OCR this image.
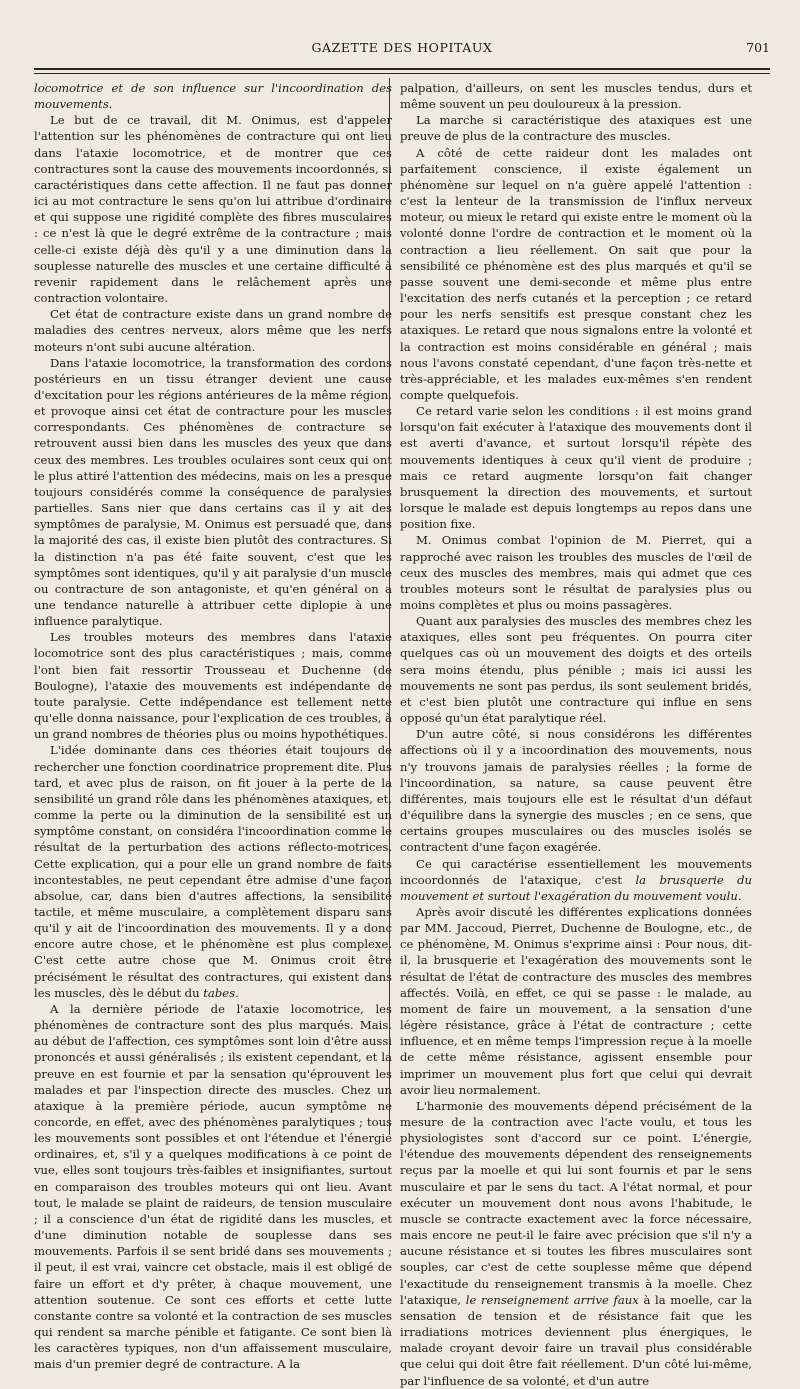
GAZETTE DES HOPITAUX	701

locomotrice et de son influence sur l'incoordination des mouvements.

Le but de ce travail, dit M. Onimus, est d'appeler l'attention sur les phénomènes de contracture qui ont lieu dans l'ataxie locomotrice, et de montrer que ces contractures sont la cause des mouvements incoordonnés, si caractéristiques dans cette affection. Il ne faut pas donner ici au mot contracture le sens qu'on lui attribue d'ordinaire et qui suppose une rigidité complète des fibres musculaires : ce n'est là que le degré extrême de la contracture ; mais celle-ci existe déjà dès qu'il y a une diminution dans la souplesse naturelle des muscles et une certaine difficulté à revenir rapidement dans le relâchement après une contraction volontaire.

Cet état de contracture existe dans un grand nombre de maladies des centres nerveux, alors même que les nerfs moteurs n'ont subi aucune altération.

Dans l'ataxie locomotrice, la transformation des cordons postérieurs en un tissu étranger devient une cause d'excitation pour les régions antérieures de la même région, et provoque ainsi cet état de contracture pour les muscles correspondants. Ces phénomènes de contracture se retrouvent aussi bien dans les muscles des yeux que dans ceux des membres. Les troubles oculaires sont ceux qui ont le plus attiré l'attention des médecins, mais on les a presque toujours considérés comme la conséquence de paralysies partielles. Sans nier que dans certains cas il y ait des symptômes de paralysie, M. Onimus est persuadé que, dans la majorité des cas, il existe bien plutôt des contractures. Si la distinction n'a pas été faite souvent, c'est que les symptômes sont identiques, qu'il y ait paralysie d'un muscle ou contracture de son antagoniste, et qu'en général on a une tendance naturelle à attribuer cette diplopie à une influence paralytique.

Les troubles moteurs des membres dans l'ataxie locomotrice sont des plus caractéristiques ; mais, comme l'ont bien fait ressortir Trousseau et Duchenne (de Boulogne), l'ataxie des mouvements est indépendante de toute paralysie. Cette indépendance est tellement nette qu'elle donna naissance, pour l'explication de ces troubles, à un grand nombres de théories plus ou moins hypothétiques.

L'idée dominante dans ces théories était toujours de rechercher une fonction coordinatrice proprement dite. Plus tard, et avec plus de raison, on fit jouer à la perte de la sensibilité un grand rôle dans les phénomènes ataxiques, et, comme la perte ou la diminution de la sensibilité est un symptôme constant, on considéra l'incoordination comme le résultat de la perturbation des actions réflecto-motrices. Cette explication, qui a pour elle un grand nombre de faits incontestables, ne peut cependant être admise d'une façon absolue, car, dans bien d'autres affections, la sensibilité tactile, et même musculaire, a complètement disparu sans qu'il y ait de l'incoordination des mouvements. Il y a donc encore autre chose, et le phénomène est plus complexe. C'est cette autre chose que M. Onimus croit être précisément le résultat des contractures, qui existent dans les muscles, dès le début du tabes.

A la dernière période de l'ataxie locomotrice, les phénomènes de contracture sont des plus marqués. Mais, au début de l'affection, ces symptômes sont loin d'être aussi prononcés et aussi généralisés ; ils existent cependant, et la preuve en est fournie et par la sensation qu'éprouvent les malades et par l'inspection directe des muscles. Chez un ataxique à la première période, aucun symptôme ne concorde, en effet, avec des phénomènes paralytiques ; tous les mouvements sont possibles et ont l'étendue et l'énergie ordinaires, et, s'il y a quelques modifications à ce point de vue, elles sont toujours très-faibles et insignifiantes, surtout en comparaison des troubles moteurs qui ont lieu. Avant tout, le malade se plaint de raideurs, de tension musculaire ; il a conscience d'un état de rigidité dans les muscles, et d'une diminution notable de souplesse dans ses mouvements. Parfois il se sent bridé dans ses mouvements ; il peut, il est vrai, vaincre cet obstacle, mais il est obligé de faire un effort et d'y prêter, à chaque mouvement, une attention soutenue. Ce sont ces efforts et cette lutte constante contre sa volonté et la contraction de ses muscles qui rendent sa marche pénible et fatigante. Ce sont bien là les caractères typiques, non d'un affaissement musculaire, mais d'un premier degré de contracture. A la

palpation, d'ailleurs, on sent les muscles tendus, durs et même souvent un peu douloureux à la pression.

La marche si caractéristique des ataxiques est une preuve de plus de la contracture des muscles.

A côté de cette raideur dont les malades ont parfaitement conscience, il existe également un phénomène sur lequel on n'a guère appelé l'attention : c'est la lenteur de la transmission de l'influx nerveux moteur, ou mieux le retard qui existe entre le moment où la volonté donne l'ordre de contraction et le moment où la contraction a lieu réellement. On sait que pour la sensibilité ce phénomène est des plus marqués et qu'il se passe souvent une demi-seconde et même plus entre l'excitation des nerfs cutanés et la perception ; ce retard pour les nerfs sensitifs est presque constant chez les ataxiques. Le retard que nous signalons entre la volonté et la contraction est moins considérable en général ; mais nous l'avons constaté cependant, d'une façon très-nette et très-appréciable, et les malades eux-mêmes s'en rendent compte quelquefois.

Ce retard varie selon les conditions : il est moins grand lorsqu'on fait exécuter à l'ataxique des mouvements dont il est averti d'avance, et surtout lorsqu'il répète des mouvements identiques à ceux qu'il vient de produire ; mais ce retard augmente lorsqu'on fait changer brusquement la direction des mouvements, et surtout lorsque le malade est depuis longtemps au repos dans une position fixe.

M. Onimus combat l'opinion de M. Pierret, qui a rapproché avec raison les troubles des muscles de l'œil de ceux des muscles des membres, mais qui admet que ces troubles moteurs sont le résultat de paralysies plus ou moins complètes et plus ou moins passagères.

Quant aux paralysies des muscles des membres chez les ataxiques, elles sont peu fréquentes. On pourra citer quelques cas où un mouvement des doigts et des orteils sera moins étendu, plus pénible ; mais ici aussi les mouvements ne sont pas perdus, ils sont seulement bridés, et c'est bien plutôt une contracture qui influe en sens opposé qu'un état paralytique réel.

D'un autre côté, si nous considérons les différentes affections où il y a incoordination des mouvements, nous n'y trouvons jamais de paralysies réelles ; la forme de l'incoordination, sa nature, sa cause peuvent être différentes, mais toujours elle est le résultat d'un défaut d'équilibre dans la synergie des muscles ; en ce sens, que certains groupes musculaires ou des muscles isolés se contractent d'une façon exagérée.

Ce qui caractérise essentiellement les mouvements incoordonnés de l'ataxique, c'est la brusquerie du mouvement et surtout l'exagération du mouvement voulu.

Après avoir discuté les différentes explications données par MM. Jaccoud, Pierret, Duchenne de Boulogne, etc., de ce phénomène, M. Onimus s'exprime ainsi : Pour nous, dit-il, la brusquerie et l'exagération des mouvements sont le résultat de l'état de contracture des muscles des membres affectés. Voilà, en effet, ce qui se passe : le malade, au moment de faire un mouvement, a la sensation d'une légère résistance, grâce à l'état de contracture ; cette influence, et en même temps l'impression reçue à la moelle de cette même résistance, agissent ensemble pour imprimer un mouvement plus fort que celui qui devrait avoir lieu normalement.

L'harmonie des mouvements dépend précisément de la mesure de la contraction avec l'acte voulu, et tous les physiologistes sont d'accord sur ce point. L'énergie, l'étendue des mouvements dépendent des renseignements reçus par la moelle et qui lui sont fournis et par le sens musculaire et par le sens du tact. A l'état normal, et pour exécuter un mouvement dont nous avons l'habitude, le muscle se contracte exactement avec la force nécessaire, mais encore ne peut-il le faire avec précision que s'il n'y a aucune résistance et si toutes les fibres musculaires sont souples, car c'est de cette souplesse même que dépend l'exactitude du renseignement transmis à la moelle. Chez l'ataxique, le renseignement arrive faux à la moelle, car la sensation de tension et de résistance fait que les irradiations motrices deviennent plus énergiques, le malade croyant devoir faire un travail plus considérable que celui qui doit être fait réellement. D'un côté lui-même, par l'influence de sa volonté, et d'un autre
